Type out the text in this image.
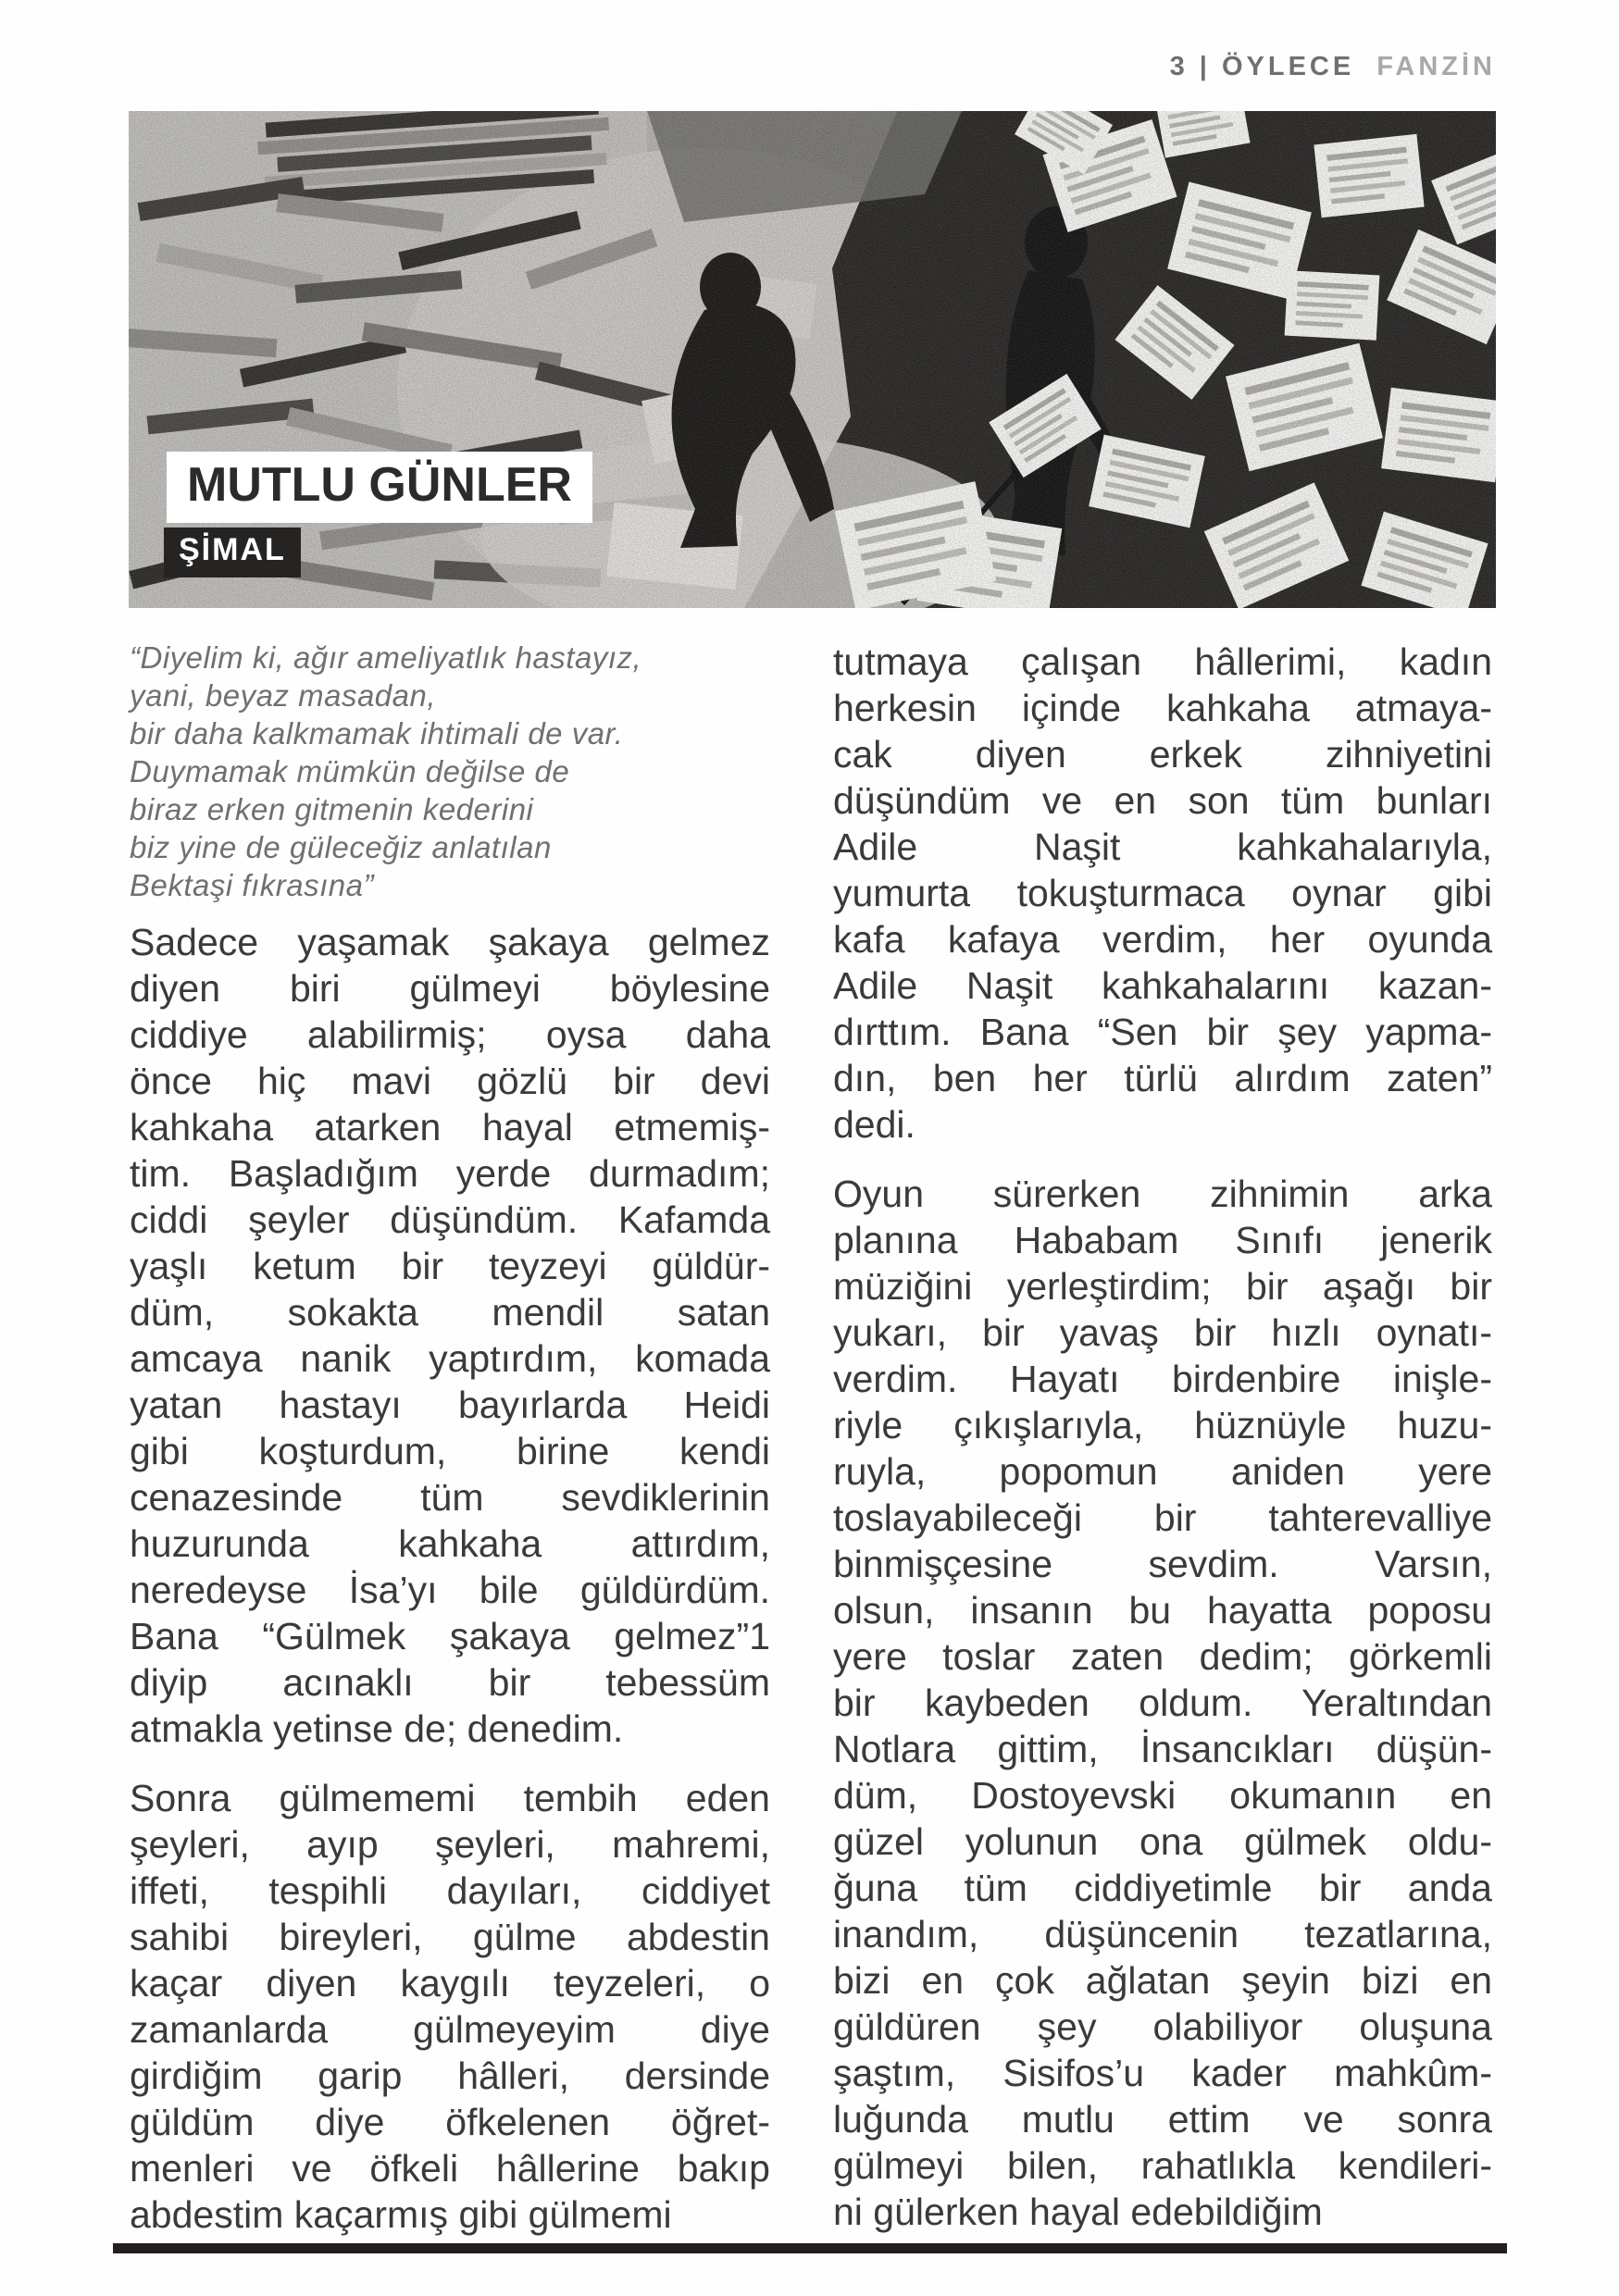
3 | ÖYLECE FANZİN
MUTLU GÜNLER
ŞİMAL
“Diyelim ki, ağır ameliyatlık hastayız,
yani, beyaz masadan,
bir daha kalkmamak ihtimali de var.
Duymamak mümkün değilse de
biraz erken gitmenin kederini
biz yine de güleceğiz anlatılan
Bektaşi fıkrasına”
Sadece yaşamak şakaya gelmez
diyen biri gülmeyi böylesine
ciddiye alabilirmiş; oysa daha
önce hiç mavi gözlü bir devi
kahkaha atarken hayal etmemiş-
tim. Başladığım yerde durmadım;
ciddi şeyler düşündüm. Kafamda
yaşlı ketum bir teyzeyi güldür-
düm, sokakta mendil satan
amcaya nanik yaptırdım, komada
yatan hastayı bayırlarda Heidi
gibi koşturdum, birine kendi
cenazesinde tüm sevdiklerinin
huzurunda kahkaha attırdım,
neredeyse İsa’yı bile güldürdüm.
Bana “Gülmek şakaya gelmez”1
diyip acınaklı bir tebessüm
atmakla yetinse de; denedim.
Sonra gülmememi tembih eden
şeyleri, ayıp şeyleri, mahremi,
iffeti, tespihli dayıları, ciddiyet
sahibi bireyleri, gülme abdestin
kaçar diyen kaygılı teyzeleri, o
zamanlarda gülmeyeyim diye
girdiğim garip hâlleri, dersinde
güldüm diye öfkelenen öğret-
menleri ve öfkeli hâllerine bakıp
abdestim kaçarmış gibi gülmemi
tutmaya çalışan hâllerimi, kadın
herkesin içinde kahkaha atmaya-
cak diyen erkek zihniyetini
düşündüm ve en son tüm bunları
Adile Naşit kahkahalarıyla,
yumurta tokuşturmaca oynar gibi
kafa kafaya verdim, her oyunda
Adile Naşit kahkahalarını kazan-
dırttım. Bana “Sen bir şey yapma-
dın, ben her türlü alırdım zaten”
dedi.
Oyun sürerken zihnimin arka
planına Hababam Sınıfı jenerik
müziğini yerleştirdim; bir aşağı bir
yukarı, bir yavaş bir hızlı oynatı-
verdim. Hayatı birdenbire inişle-
riyle çıkışlarıyla, hüznüyle huzu-
ruyla, popomun aniden yere
toslayabileceği bir tahterevalliye
binmişçesine sevdim. Varsın,
olsun, insanın bu hayatta poposu
yere toslar zaten dedim; görkemli
bir kaybeden oldum. Yeraltından
Notlara gittim, İnsancıkları düşün-
düm, Dostoyevski okumanın en
güzel yolunun ona gülmek oldu-
ğuna tüm ciddiyetimle bir anda
inandım, düşüncenin tezatlarına,
bizi en çok ağlatan şeyin bizi en
güldüren şey olabiliyor oluşuna
şaştım, Sisifos’u kader mahkûm-
luğunda mutlu ettim ve sonra
gülmeyi bilen, rahatlıkla kendileri-
ni gülerken hayal edebildiğim
